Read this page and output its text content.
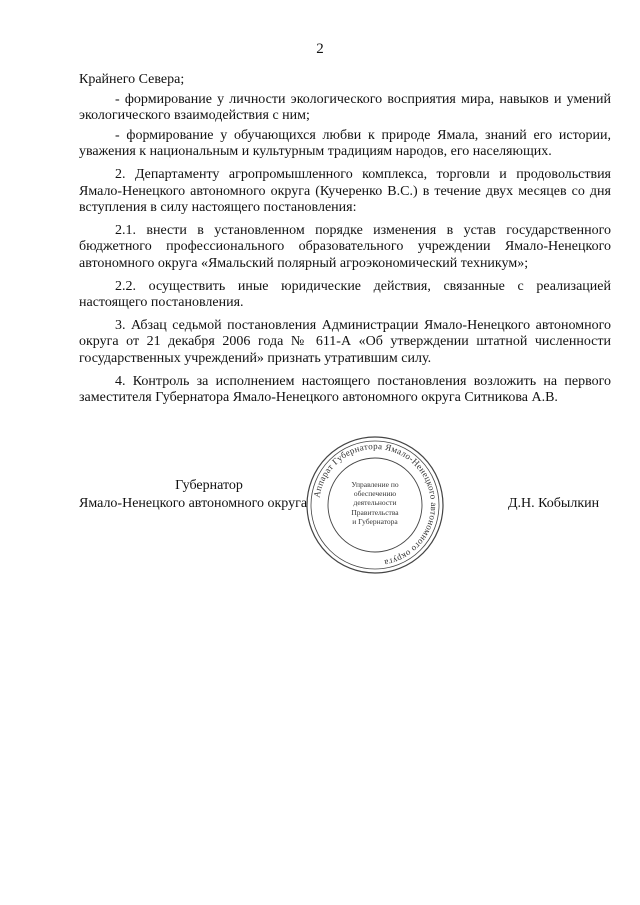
2

Крайнего Севера;

- формирование у личности экологического восприятия мира, навыков и умений экологического взаимодействия с ним;

- формирование у обучающихся любви к природе Ямала, знаний его истории, уважения к национальным и культурным традициям народов, его населяющих.

2. Департаменту агропромышленного комплекса, торговли и продовольствия Ямало-Ненецкого автономного округа (Кучеренко В.С.) в течение двух месяцев со дня вступления в силу настоящего постановления:

2.1. внести в установленном порядке изменения в устав государственного бюджетного профессионального образовательного учреждении Ямало-Ненецкого автономного округа «Ямальский полярный агроэкономический техникум»;

2.2. осуществить иные юридические действия, связанные с реализацией настоящего постановления.

3. Абзац седьмой постановления Администрации Ямало-Ненецкого автономного округа от 21 декабря 2006 года № 611-А «Об утверждении штатной численности государственных учреждений» признать утратившим силу.

4. Контроль за исполнением настоящего постановления возложить на первого заместителя Губернатора Ямало-Ненецкого автономного округа Ситникова А.В.

Губернатор
Ямало-Ненецкого автономного округа
Аппарат Губернатора Ямало-Ненецкого автономного округа
Управление по
обеспечению
деятельности
Правительства
и Губернатора
Д.Н. Кобылкин
